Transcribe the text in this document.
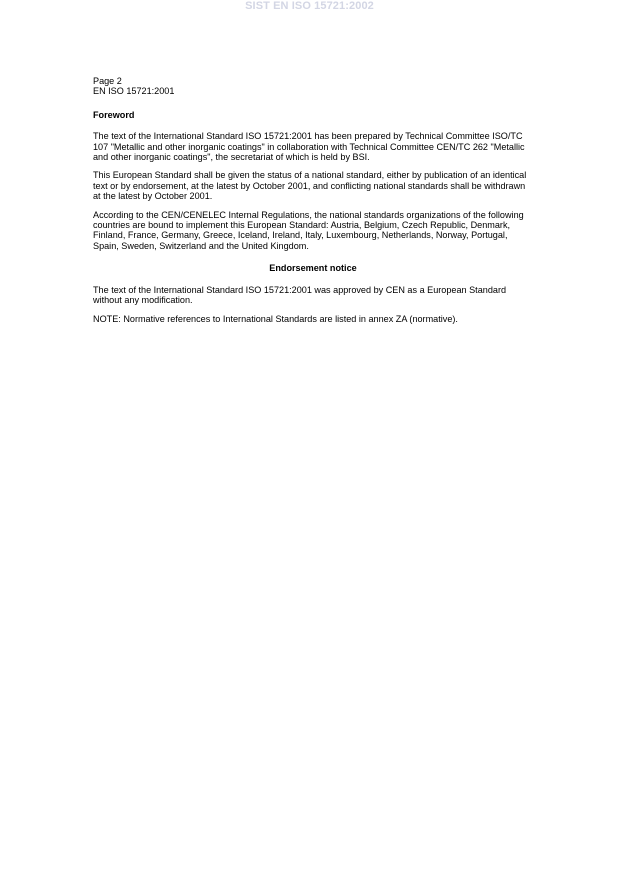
SIST EN ISO 15721:2002
Page 2
EN ISO 15721:2001
Foreword

The text of the International Standard ISO 15721:2001 has been prepared by Technical Committee ISO/TC 107 "Metallic and other inorganic coatings" in collaboration with Technical Committee CEN/TC 262 "Metallic and other inorganic coatings", the secretariat of which is held by BSI.

This European Standard shall be given the status of a national standard, either by publication of an identical text or by endorsement, at the latest by October 2001, and conflicting national standards shall be withdrawn at the latest by October 2001.

According to the CEN/CENELEC Internal Regulations, the national standards organizations of the following countries are bound to implement this European Standard: Austria, Belgium, Czech Republic, Denmark, Finland, France, Germany, Greece, Iceland, Ireland, Italy, Luxembourg, Netherlands, Norway, Portugal, Spain, Sweden, Switzerland and the United Kingdom.

Endorsement notice

The text of the International Standard ISO 15721:2001 was approved by CEN as a European Standard without any modification.

NOTE: Normative references to International Standards are listed in annex ZA (normative).
